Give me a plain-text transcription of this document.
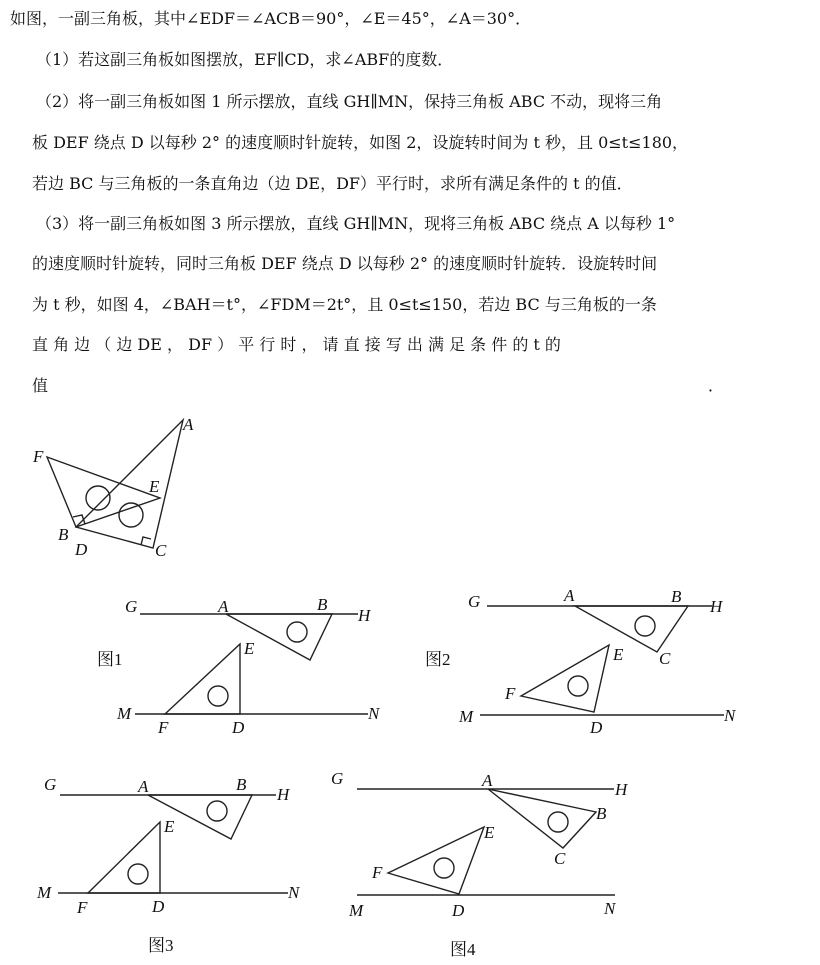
如图，一副三角板，其中∠EDF＝∠ACB＝90°，∠E＝45°，∠A＝30°．
（1）若这副三角板如图摆放，EF∥CD，求∠ABF的度数．
（2）将一副三角板如图 1 所示摆放，直线 GH∥MN，保持三角板 ABC 不动，现将三角
板 DEF 绕点 D 以每秒 2° 的速度顺时针旋转，如图 2，设旋转时间为 t 秒，且 0≤t≤180，
若边 BC 与三角板的一条直角边（边 DE，DF）平行时，求所有满足条件的 t 的值．
（3）将一副三角板如图 3 所示摆放，直线 GH∥MN，现将三角板 ABC 绕点 A 以每秒 1°
的速度顺时针旋转，同时三角板 DEF 绕点 D 以每秒 2° 的速度顺时针旋转．设旋转时间
为 t 秒，如图 4，∠BAH＝t°，∠FDM＝2t°，且 0≤t≤150，若边 BC 与三角板的一条
直 角 边 （ 边 DE ， DF ） 平 行 时 ， 请 直 接 写 出 满 足 条 件 的 t 的
值	．
A
F
E
B
D	C
G	A	B
H
E
M	N
F	D
图1
G	A	B
H
E C
F
M	N
D
图2
G	A	B
H
E
M	N
F	D
图3
G	A	H
B
E
C
F
M	D	N
图4
